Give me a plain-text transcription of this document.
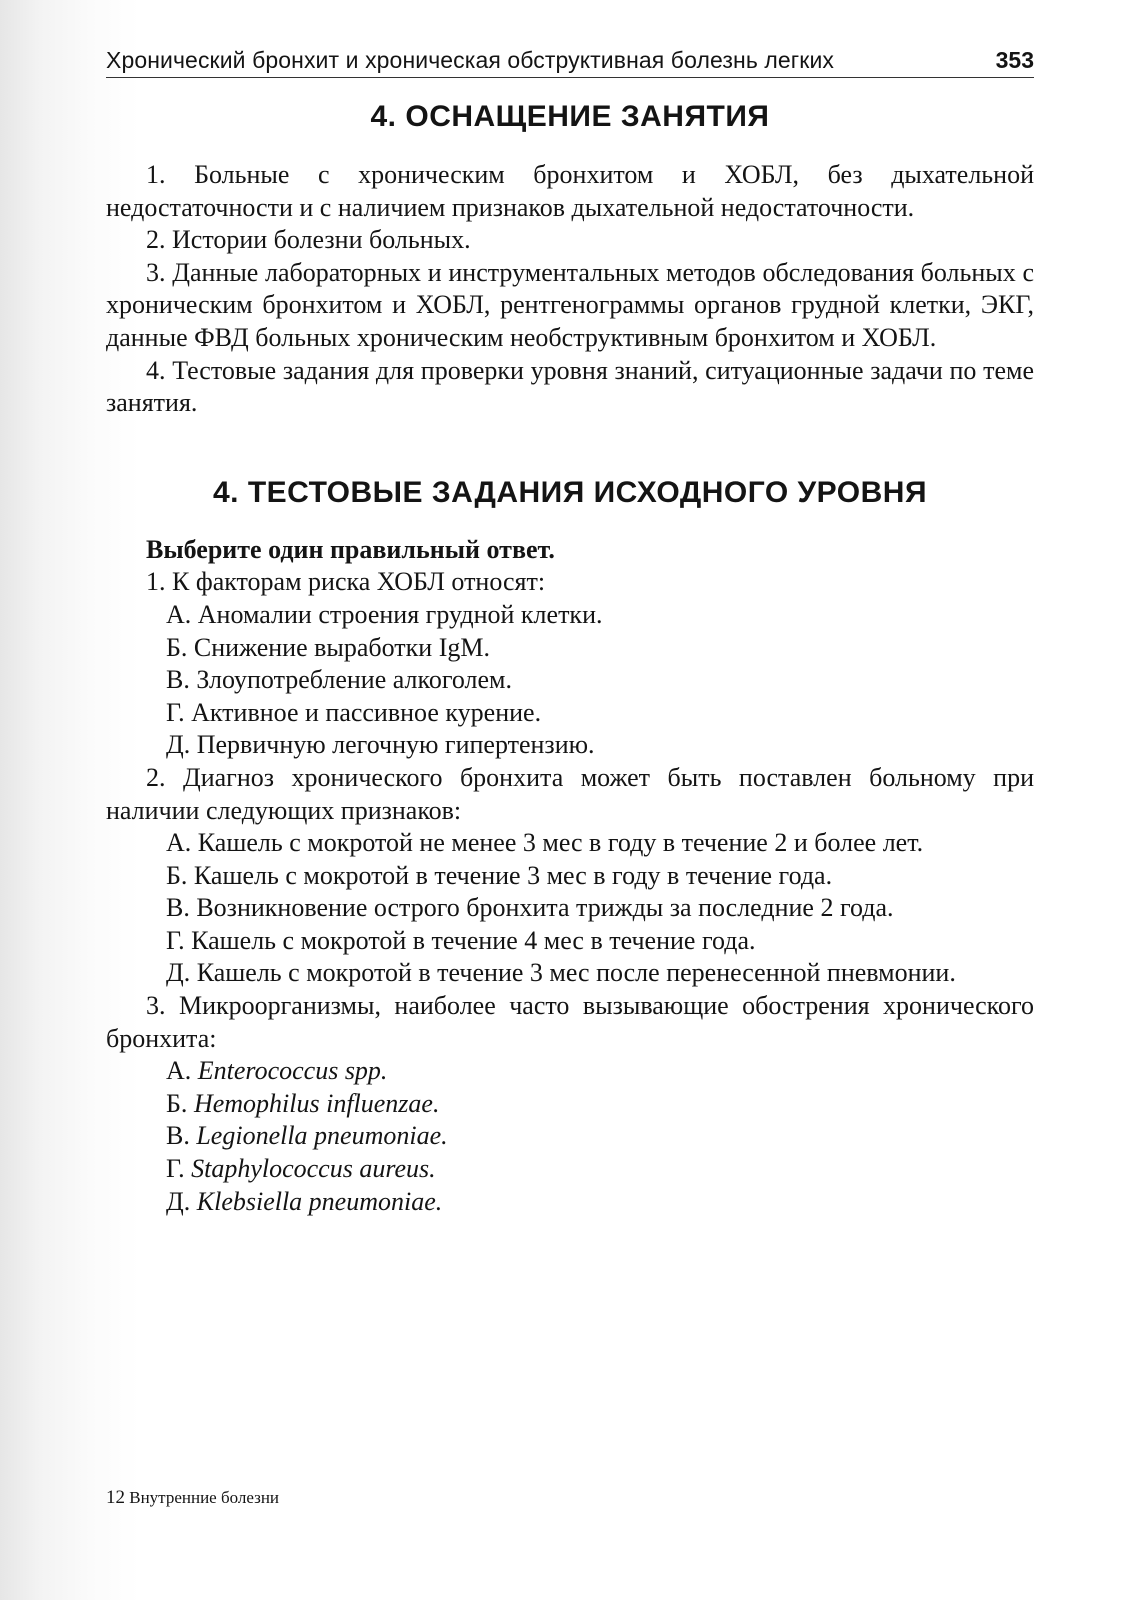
Хронический бронхит и хроническая обструктивная болезнь легких	353
4. ОСНАЩЕНИЕ ЗАНЯТИЯ

1. Больные с хроническим бронхитом и ХОБЛ, без дыхательной недостаточности и с наличием признаков дыхательной недостаточности.

2. Истории болезни больных.

3. Данные лабораторных и инструментальных методов обследования больных с хроническим бронхитом и ХОБЛ, рентгенограммы органов грудной клетки, ЭКГ, данные ФВД больных хроническим необструктивным бронхитом и ХОБЛ.

4. Тестовые задания для проверки уровня знаний, ситуационные задачи по теме занятия.

4. ТЕСТОВЫЕ ЗАДАНИЯ ИСХОДНОГО УРОВНЯ

Выберите один правильный ответ.

1. К факторам риска ХОБЛ относят:

А. Аномалии строения грудной клетки.

Б. Снижение выработки IgM.

В. Злоупотребление алкоголем.

Г. Активное и пассивное курение.

Д. Первичную легочную гипертензию.

2. Диагноз хронического бронхита может быть поставлен больному при наличии следующих признаков:

А. Кашель с мокротой не менее 3 мес в году в течение 2 и более лет.

Б. Кашель с мокротой в течение 3 мес в году в течение года.

В. Возникновение острого бронхита трижды за последние 2 года.

Г. Кашель с мокротой в течение 4 мес в течение года.

Д. Кашель с мокротой в течение 3 мес после перенесенной пневмонии.

3. Микроорганизмы, наиболее часто вызывающие обострения хронического бронхита:

А. Enterococcus spp.

Б. Hemophilus influenzae.

В. Legionella pneumoniae.

Г. Staphylococcus aureus.

Д. Klebsiella pneumoniae.

12 Внутренние болезни
